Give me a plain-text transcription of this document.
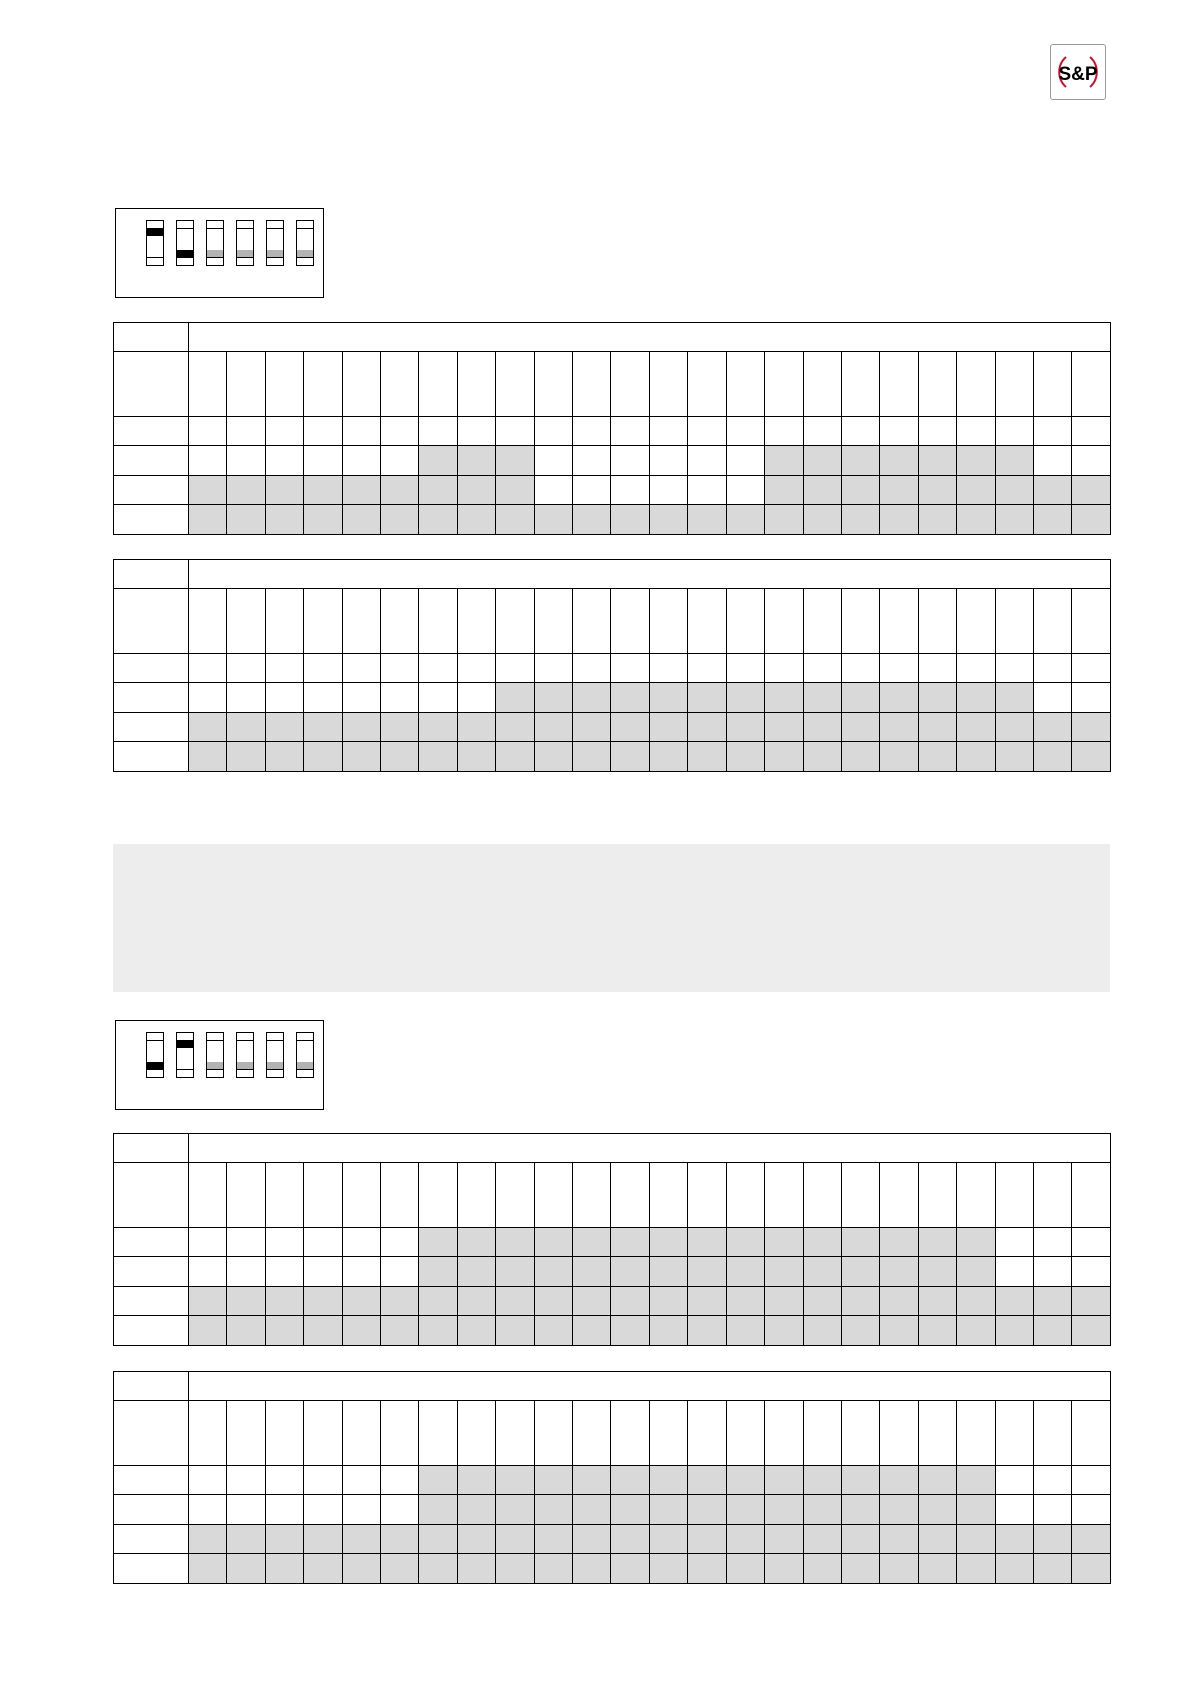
S&P
